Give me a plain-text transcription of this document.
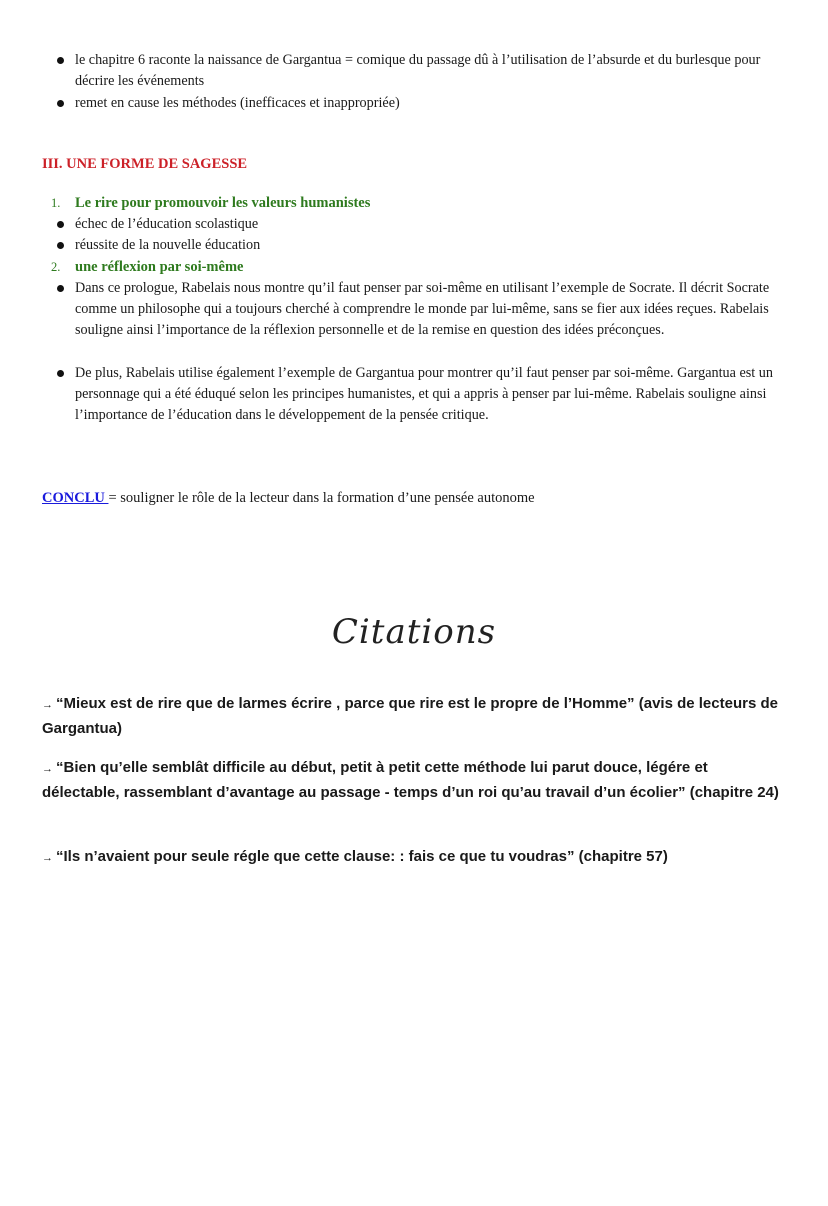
le chapitre 6 raconte la naissance de Gargantua = comique du passage dû à l’utilisation de l’absurde et du burlesque pour décrire les événements
remet en cause les méthodes (inefficaces et inappropriée)
III. UNE FORME DE SAGESSE
1. Le rire pour promouvoir les valeurs humanistes
échec de l’éducation scolastique
réussite de la nouvelle éducation
2. une réflexion par soi-même
Dans ce prologue, Rabelais nous montre qu’il faut penser par soi-même en utilisant l’exemple de Socrate. Il décrit Socrate comme un philosophe qui a toujours cherché à comprendre le monde par lui-même, sans se fier aux idées reçues. Rabelais souligne ainsi l’importance de la réflexion personnelle et de la remise en question des idées préconçues.
De plus, Rabelais utilise également l’exemple de Gargantua pour montrer qu’il faut penser par soi-même. Gargantua est un personnage qui a été éduqué selon les principes humanistes, et qui a appris à penser par lui-même. Rabelais souligne ainsi l’importance de l’éducation dans le développement de la pensée critique.
CONCLU = souligner le rôle de la lecteur dans la formation d’une pensée autonome
Citations
→ “Mieux est de rire que de larmes écrire , parce que rire est le propre de l’Homme” (avis de lecteurs de Gargantua)
→ “Bien qu’elle semblât difficile au début, petit à petit cette méthode lui parut douce, légére et délectable, rassemblant d’avantage au passage - temps d’un roi qu’au travail d’un écolier” (chapitre 24)
→ “Ils n’avaient pour seule régle que cette clause: : fais ce que tu voudras” (chapitre 57)
